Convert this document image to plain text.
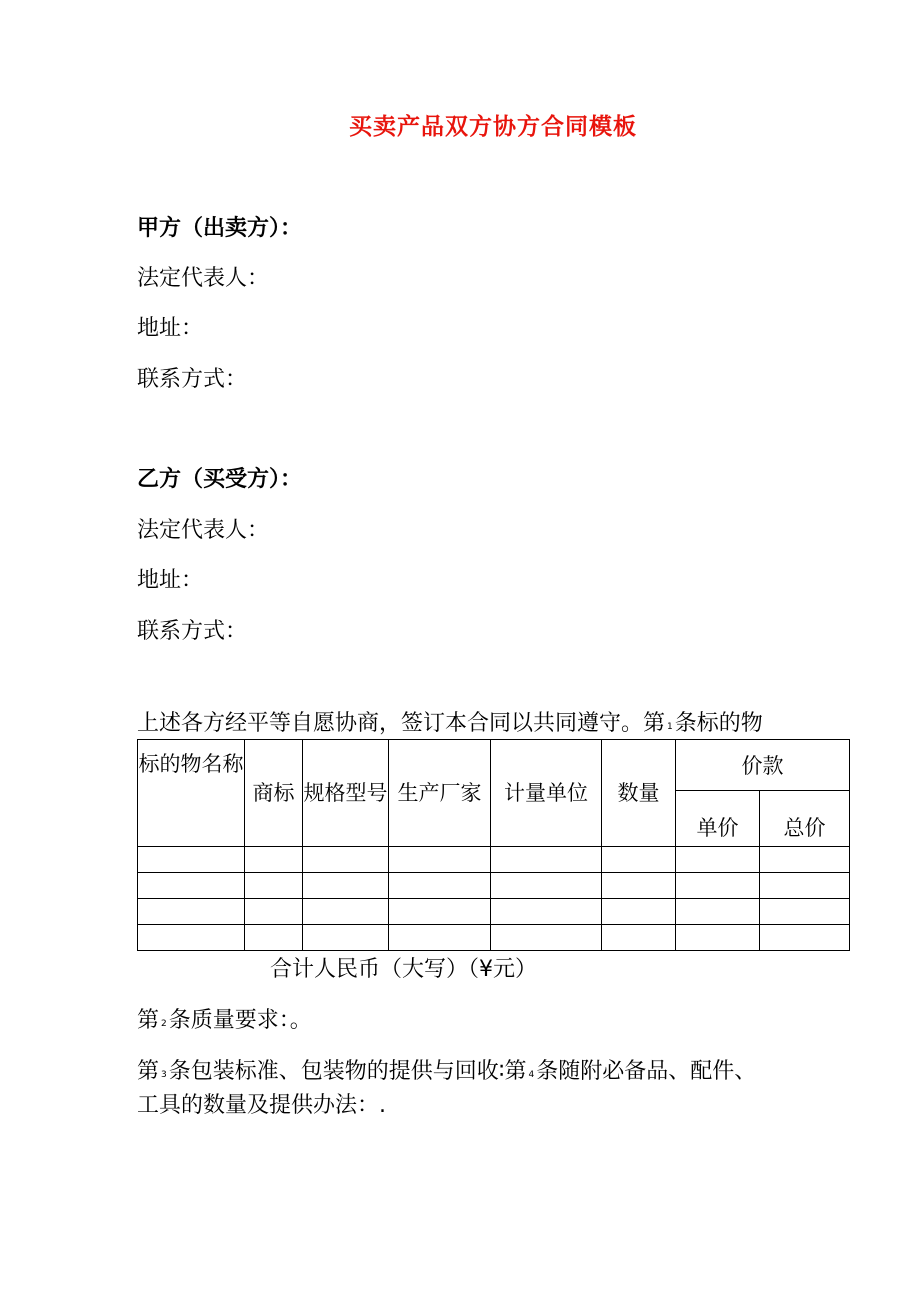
买卖产品双方协方合同模板
甲方（出卖方）：
法定代表人：
地址：
联系方式：
乙方（买受方）：
法定代表人：
地址：
联系方式：
上述各方经平等自愿协商，签订本合同以共同遵守。第 1条标的物
标的物名称	商标	规格型号	生产厂家	计量单位	数量	价款	
						单价	总价

合计人民币（大写）（¥元）
第 2条质量要求：。
第 3条包装标准、包装物的提供与回收∶第 4条随附必备品、配件、
工具的数量及提供办法：.
